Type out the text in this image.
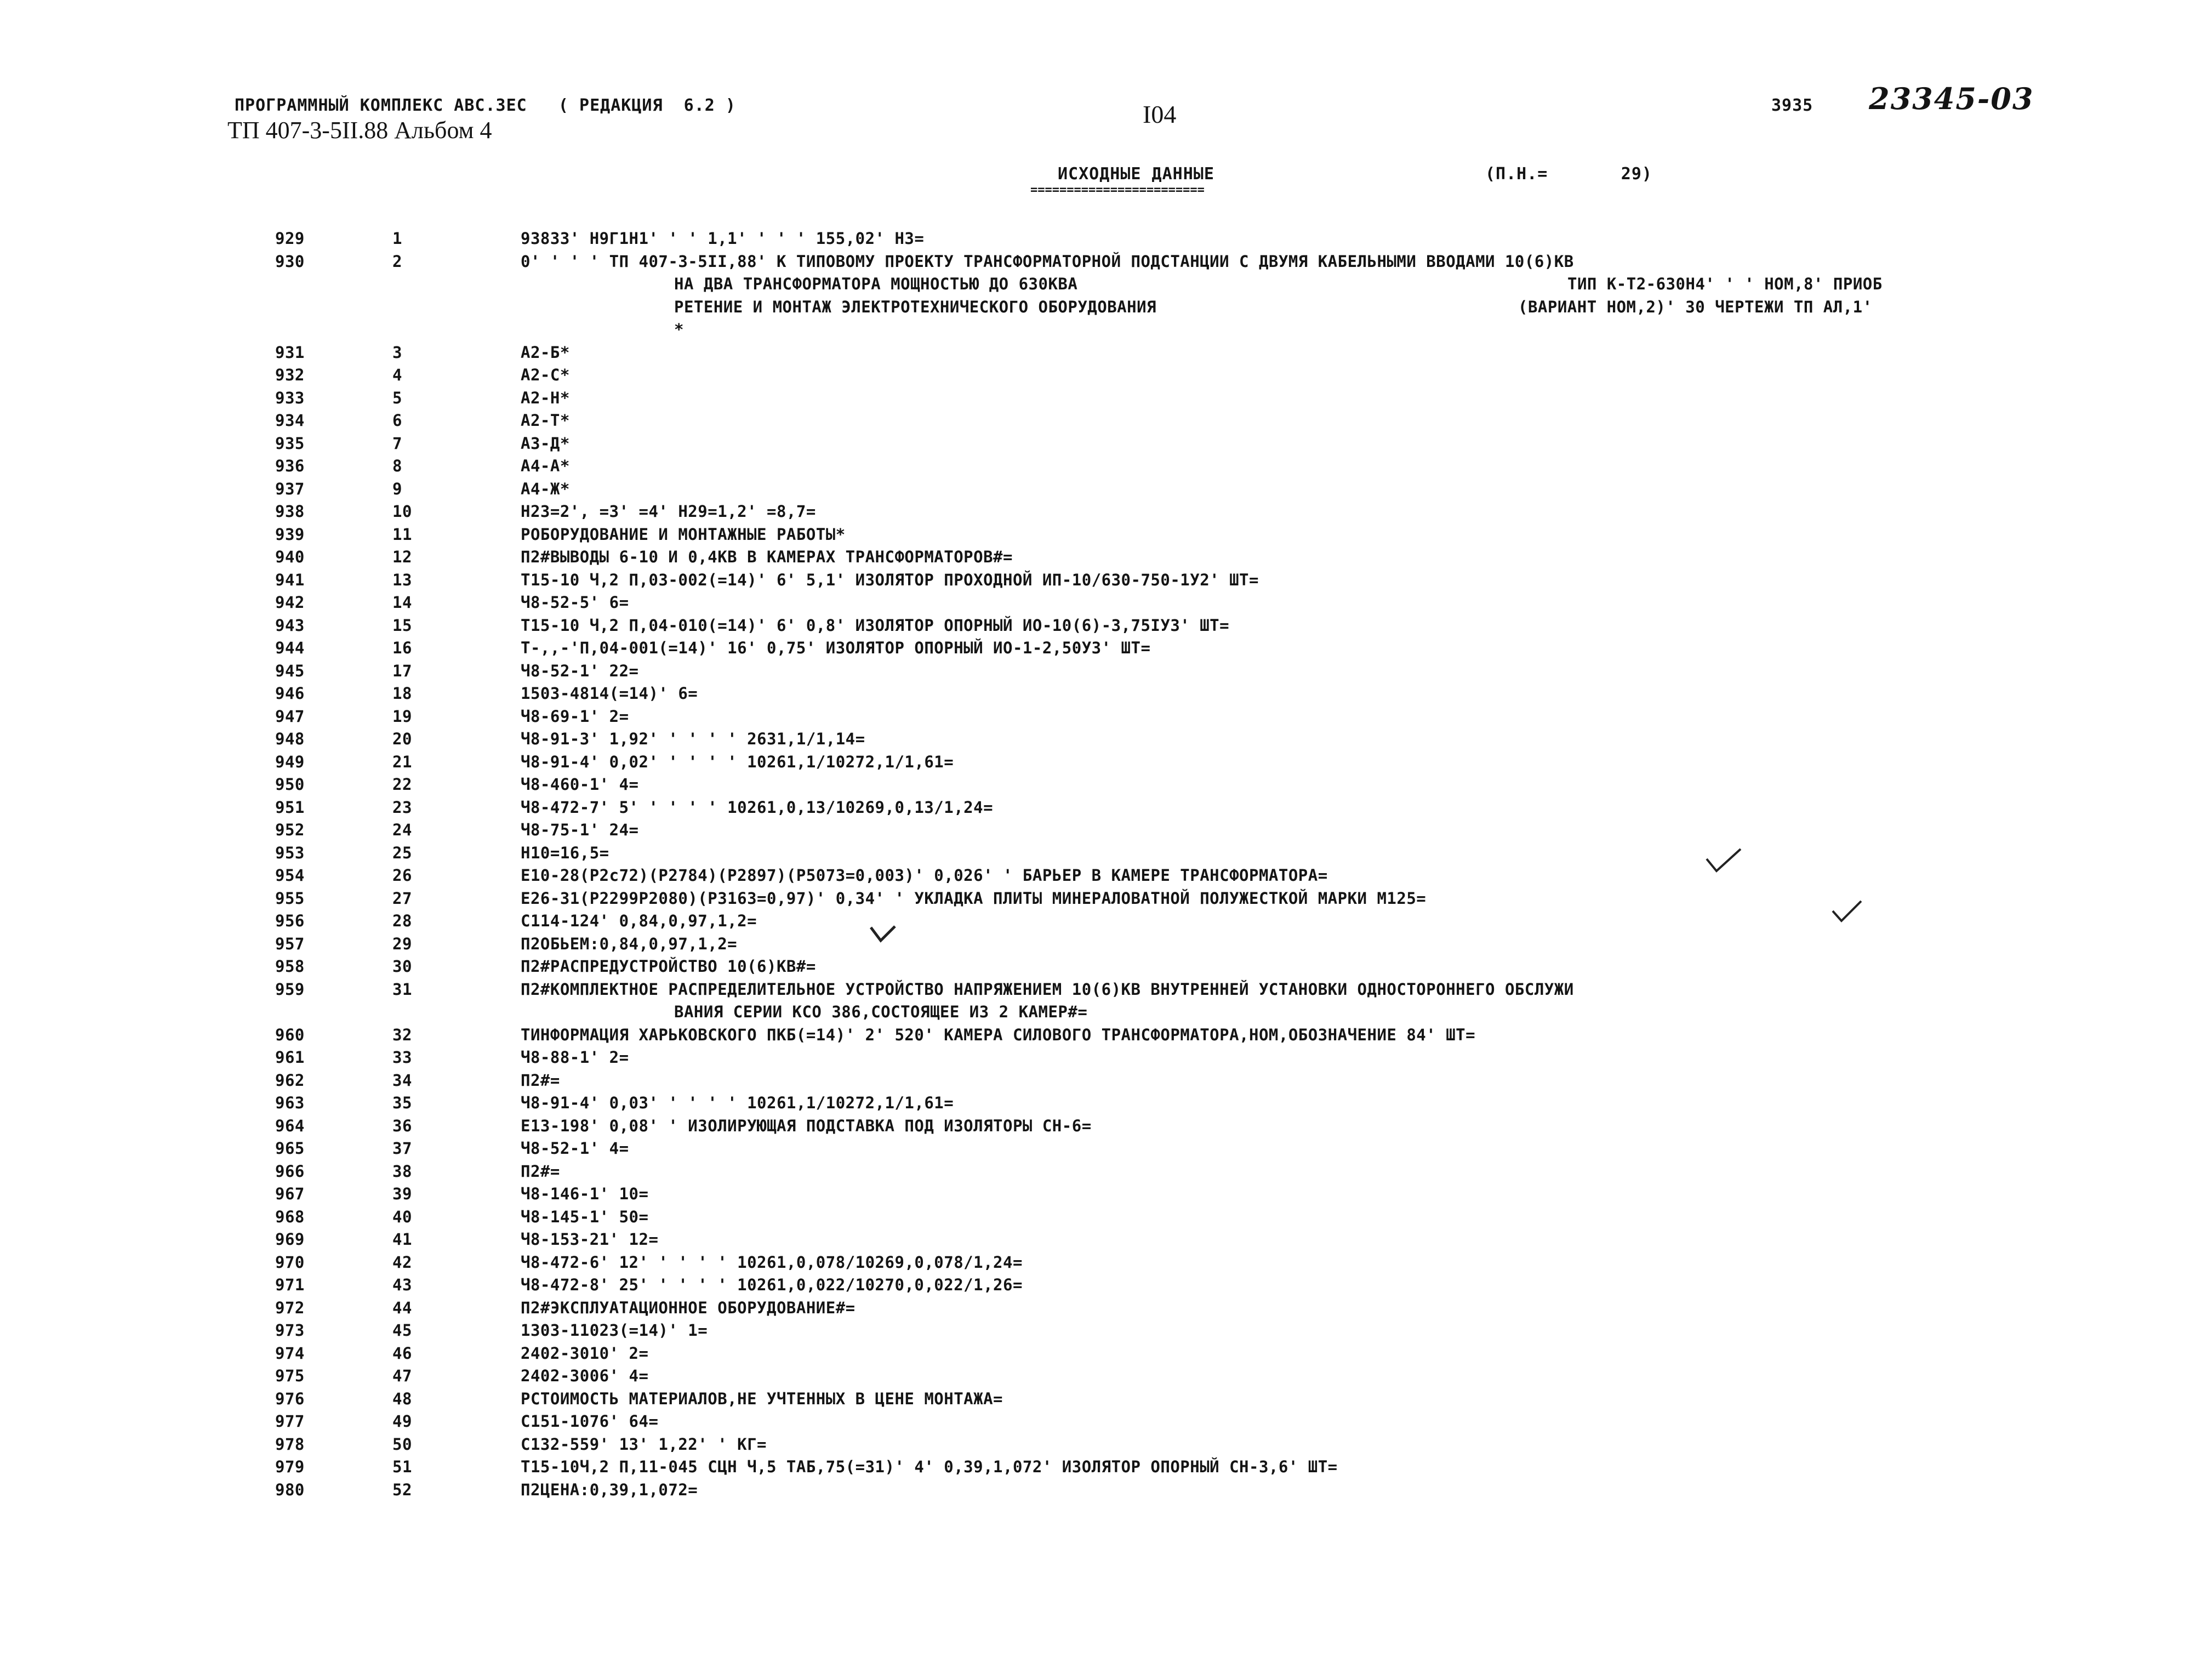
ПРОГРАММНЫЙ КОМПЛЕКС АВС.3ЕС   ( РЕДАКЦИЯ  6.2 )
ТП 407-3-5II.88 Альбом 4
I04	3935 23345-03
ИСХОДНЫЕ ДАННЫЕ
========================
(П.Н.=       29)
929	1	93833' Н9Г1Н1' ' ' 1,1' ' ' ' 155,02' Н3=
930	2	0' ' ' ' ТП 407-3-5II,88' К ТИПОВОМУ ПРОЕКТУ ТРАНСФОРМАТОРНОЙ ПОДСТАНЦИИ С ДВУМЯ КАБЕЛЬНЫМИ ВВОДАМИ 10(6)КВ
НА ДВА ТРАНСФОРМАТОРА МОЩНОСТЬЮ ДО 630КВА	ТИП К-Т2-630Н4' ' ' НОМ,8' ПРИОБ
РЕТЕНИЕ И МОНТАЖ ЭЛЕКТРОТЕХНИЧЕСКОГО ОБОРУДОВАНИЯ	(ВАРИАНТ НОМ,2)' 30 ЧЕРТЕЖИ ТП АЛ,1'
*
931	3	А2-Б*
932	4	А2-С*
933	5	А2-Н*
934	6	А2-Т*
935	7	А3-Д*
936	8	А4-А*
937	9	А4-Ж*
938	10	Н23=2', =3' =4' Н29=1,2' =8,7=
939	11	РОБОРУДОВАНИЕ И МОНТАЖНЫЕ РАБОТЫ*
940	12	П2#ВЫВОДЫ 6-10 И 0,4КВ В КАМЕРАХ ТРАНСФОРМАТОРОВ#=
941	13	Т15-10 Ч,2 П,03-002(=14)' 6' 5,1' ИЗОЛЯТОР ПРОХОДНОЙ ИП-10/630-750-1У2' ШТ=
942	14	Ч8-52-5' 6=
943	15	Т15-10 Ч,2 П,04-010(=14)' 6' 0,8' ИЗОЛЯТОР ОПОРНЫЙ ИО-10(6)-3,75IУ3' ШТ=
944	16	Т-,,-'П,04-001(=14)' 16' 0,75' ИЗОЛЯТОР ОПОРНЫЙ ИО-1-2,50У3' ШТ=
945	17	Ч8-52-1' 22=
946	18	1503-4814(=14)' 6=
947	19	Ч8-69-1' 2=
948	20	Ч8-91-3' 1,92' ' ' ' ' 2631,1/1,14=
949	21	Ч8-91-4' 0,02' ' ' ' ' 10261,1/10272,1/1,61=
950	22	Ч8-460-1' 4=
951	23	Ч8-472-7' 5' ' ' ' ' 10261,0,13/10269,0,13/1,24=
952	24	Ч8-75-1' 24=
953	25	Н10=16,5=
954	26	Е10-28(Р2с72)(Р2784)(Р2897)(Р5073=0,003)' 0,026' ' БАРЬЕР В КАМЕРЕ ТРАНСФОРМАТОРА=
955	27	Е26-31(Р2299Р2080)(Р3163=0,97)' 0,34' ' УКЛАДКА ПЛИТЫ МИНЕРАЛОВАТНОЙ ПОЛУЖЕСТКОЙ МАРКИ М125=
956	28	С114-124' 0,84,0,97,1,2=
957	29	П2ОБЬЕМ:0,84,0,97,1,2=
958	30	П2#РАСПРЕДУСТРОЙСТВО 10(6)КВ#=
959	31	П2#КОМПЛЕКТНОЕ РАСПРЕДЕЛИТЕЛЬНОЕ УСТРОЙСТВО НАПРЯЖЕНИЕМ 10(6)КВ ВНУТРЕННЕЙ УСТАНОВКИ ОДНОСТОРОННЕГО ОБСЛУЖИ
ВАНИЯ СЕРИИ КСО 386,СОСТОЯЩЕЕ ИЗ 2 КАМЕР#=
960	32	ТИНФОРМАЦИЯ ХАРЬКОВСКОГО ПКБ(=14)' 2' 520' КАМЕРА СИЛОВОГО ТРАНСФОРМАТОРА,НОМ,ОБОЗНАЧЕНИЕ 84' ШТ=
961	33	Ч8-88-1' 2=
962	34	П2#=
963	35	Ч8-91-4' 0,03' ' ' ' ' 10261,1/10272,1/1,61=
964	36	Е13-198' 0,08' ' ИЗОЛИРУЮЩАЯ ПОДСТАВКА ПОД ИЗОЛЯТОРЫ СН-6=
965	37	Ч8-52-1' 4=
966	38	П2#=
967	39	Ч8-146-1' 10=
968	40	Ч8-145-1' 50=
969	41	Ч8-153-21' 12=
970	42	Ч8-472-6' 12' ' ' ' ' 10261,0,078/10269,0,078/1,24=
971	43	Ч8-472-8' 25' ' ' ' ' 10261,0,022/10270,0,022/1,26=
972	44	П2#ЭКСПЛУАТАЦИОННОЕ ОБОРУДОВАНИЕ#=
973	45	1303-11023(=14)' 1=
974	46	2402-3010' 2=
975	47	2402-3006' 4=
976	48	РСТОИМОСТЬ МАТЕРИАЛОВ,НЕ УЧТЕННЫХ В ЦЕНЕ МОНТАЖА=
977	49	С151-1076' 64=
978	50	С132-559' 13' 1,22' ' КГ=
979	51	Т15-10Ч,2 П,11-045 СЦН Ч,5 ТАБ,75(=31)' 4' 0,39,1,072' ИЗОЛЯТОР ОПОРНЫЙ СН-3,6' ШТ=
980	52	П2ЦЕНА:0,39,1,072=
